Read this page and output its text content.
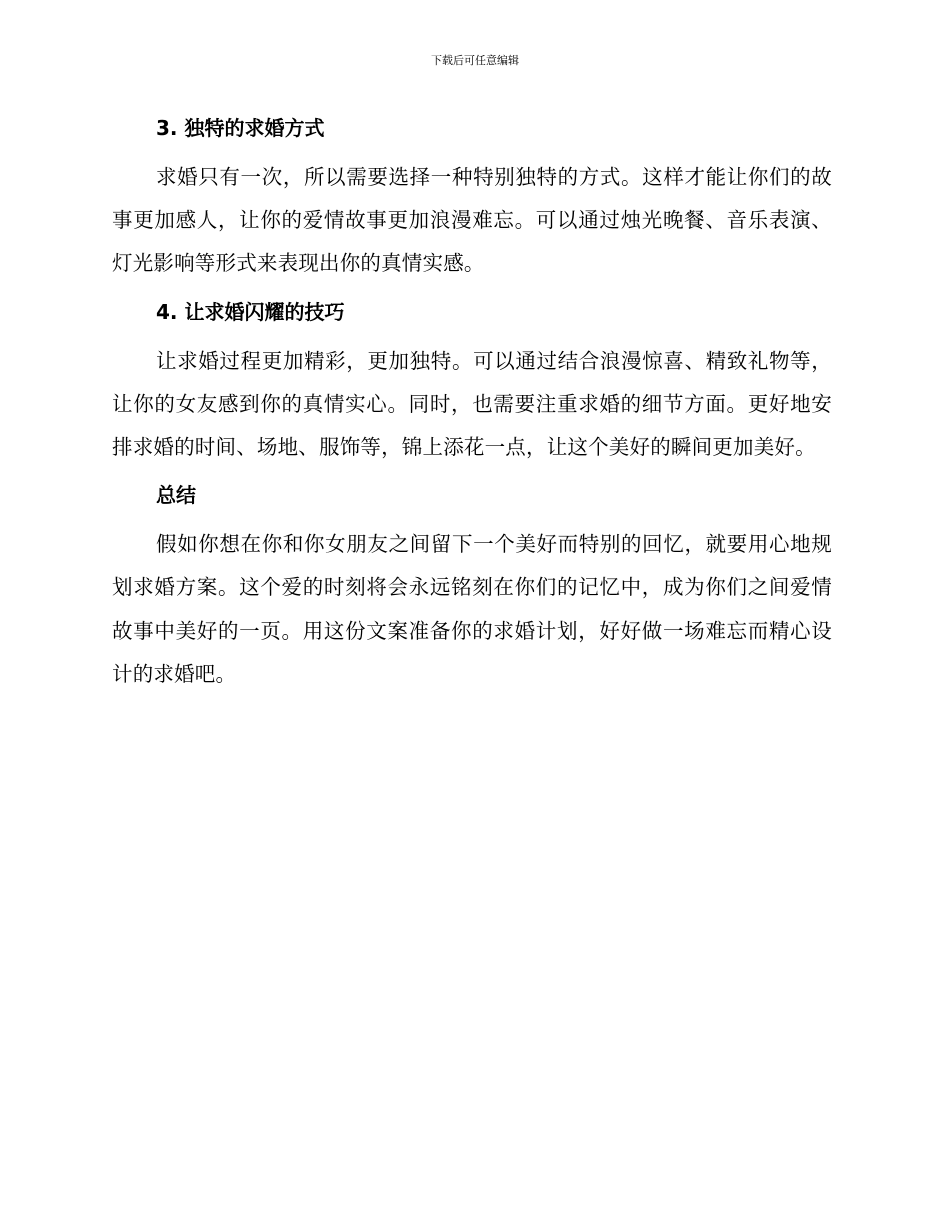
下载后可任意编辑
3. 独特的求婚方式

求婚只有一次，所以需要选择一种特别独特的方式。这样才能让你们的故事更加感人，让你的爱情故事更加浪漫难忘。可以通过烛光晚餐、音乐表演、灯光影响等形式来表现出你的真情实感。

4. 让求婚闪耀的技巧

让求婚过程更加精彩，更加独特。可以通过结合浪漫惊喜、精致礼物等，让你的女友感到你的真情实心。同时，也需要注重求婚的细节方面。更好地安排求婚的时间、场地、服饰等，锦上添花一点，让这个美好的瞬间更加美好。

总结

假如你想在你和你女朋友之间留下一个美好而特别的回忆，就要用心地规划求婚方案。这个爱的时刻将会永远铭刻在你们的记忆中，成为你们之间爱情故事中美好的一页。用这份文案准备你的求婚计划，好好做一场难忘而精心设计的求婚吧。
